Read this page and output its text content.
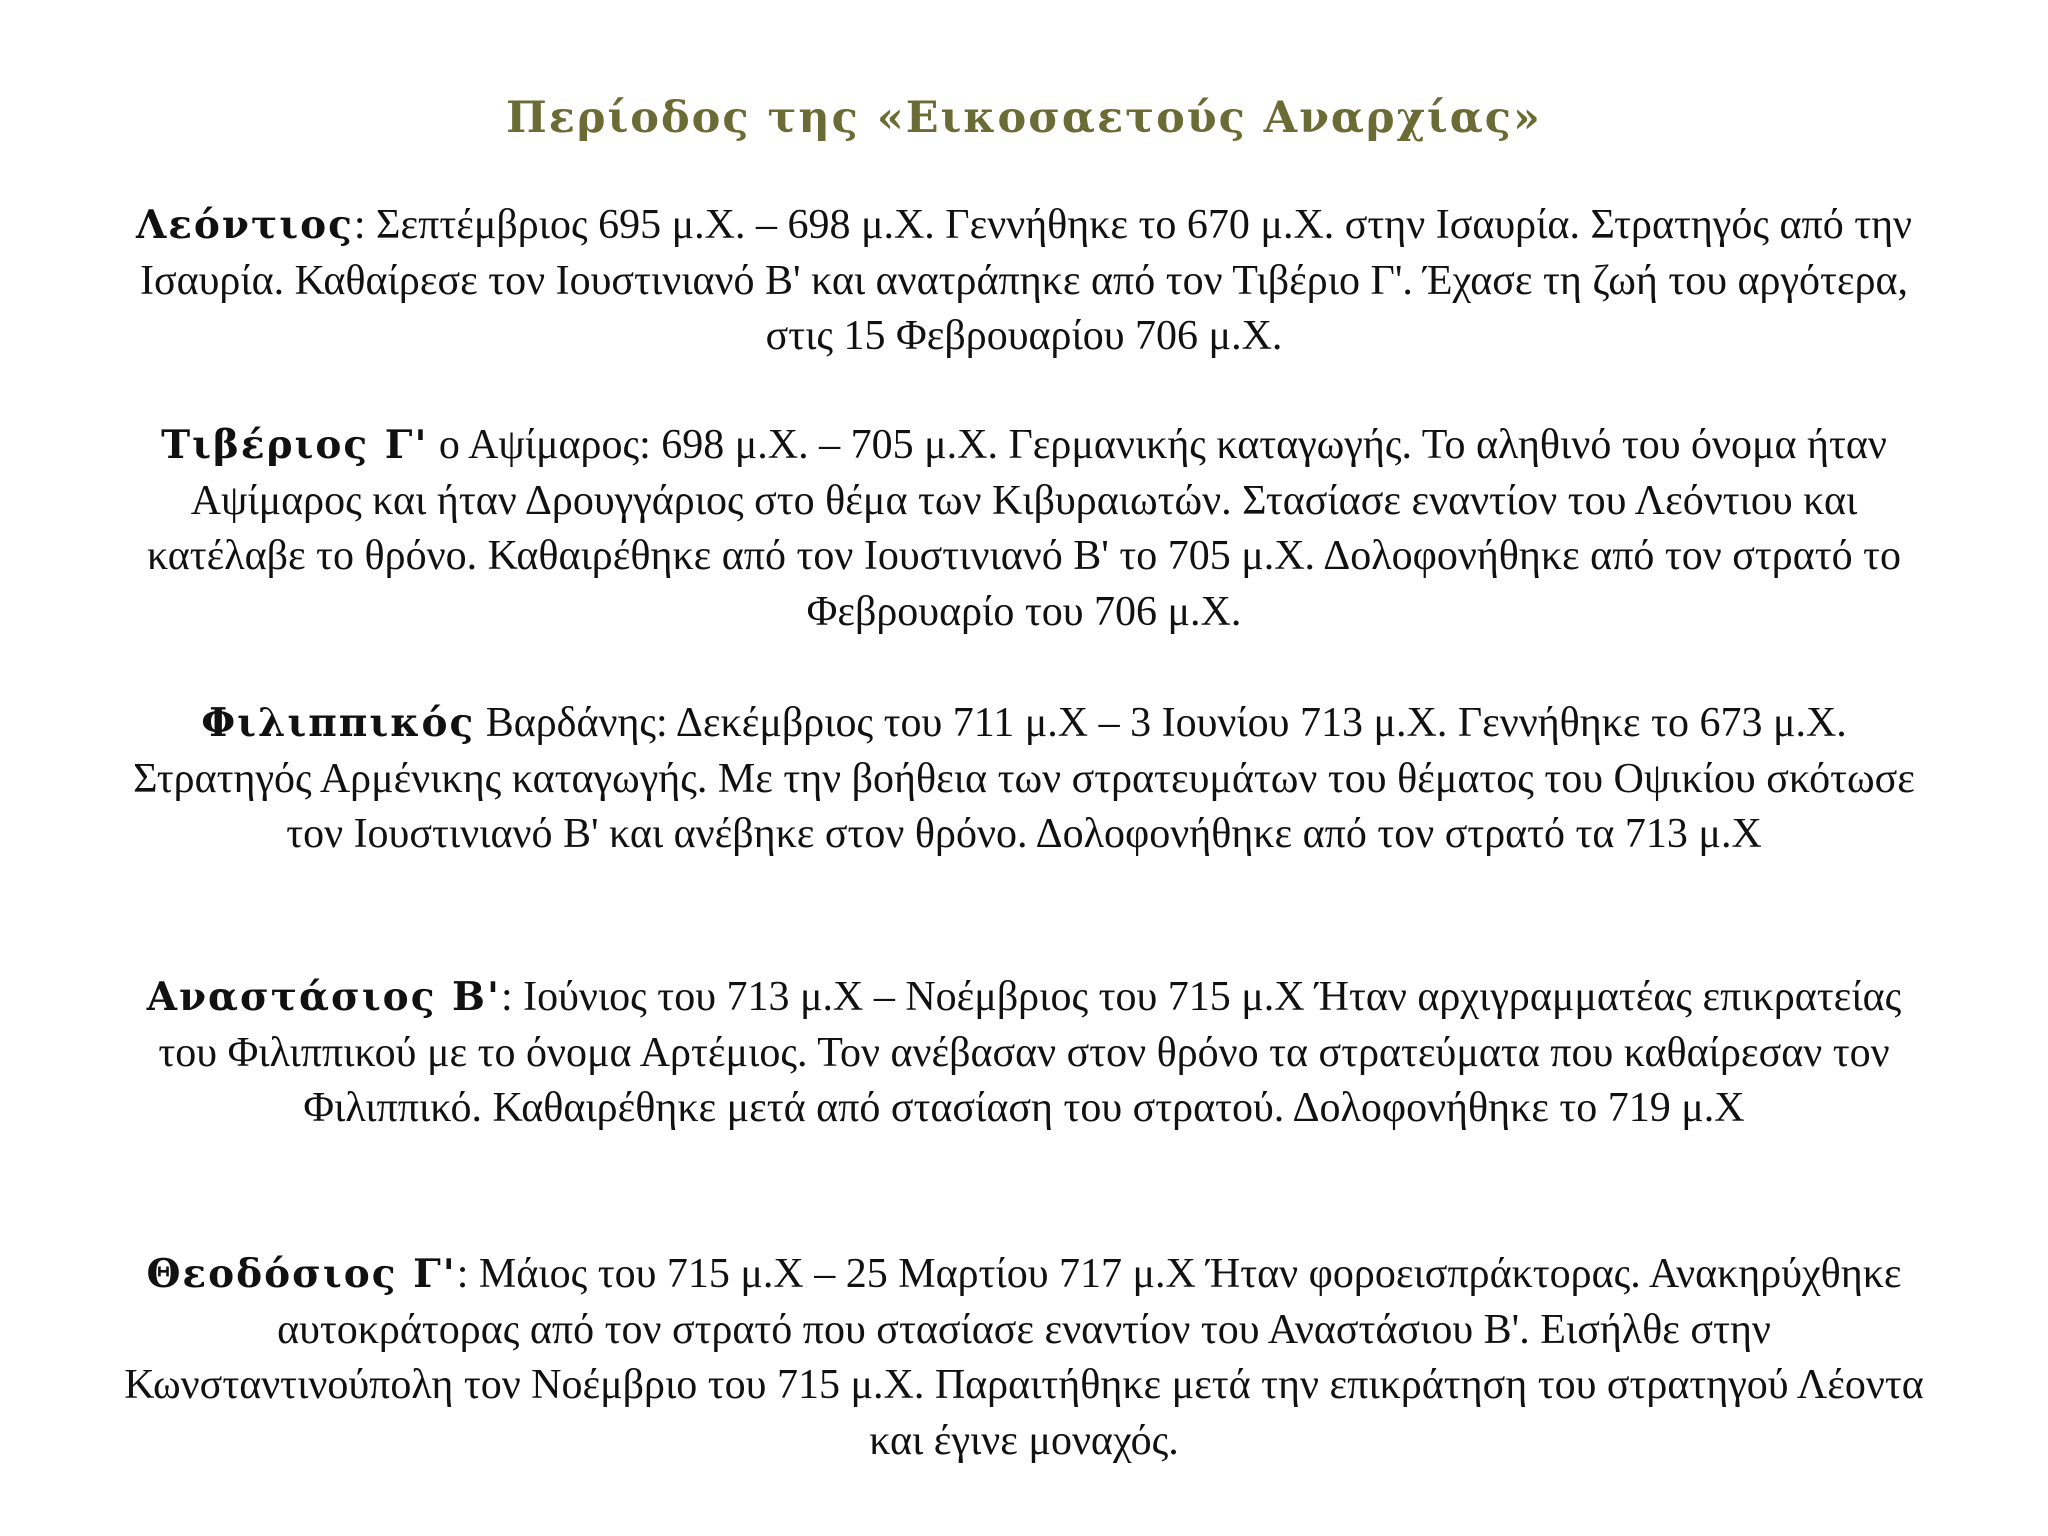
Περίοδος της «Εικοσαετούς Αναρχίας»

Λεόντιος: Σεπτέμβριος 695 μ.Χ. – 698 μ.Χ. Γεννήθηκε το 670 μ.Χ. στην Ισαυρία. Στρατηγός από την Ισαυρία. Καθαίρεσε τον Ιουστινιανό Β' και ανατράπηκε από τον Τιβέριο Γ'. Έχασε τη ζωή του αργότερα, στις 15 Φεβρουαρίου 706 μ.Χ.

Τιβέριος Γ' ο Αψίμαρος: 698 μ.Χ. – 705 μ.Χ. Γερμανικής καταγωγής. Το αληθινό του όνομα ήταν Αψίμαρος και ήταν Δρουγγάριος στο θέμα των Κιβυραιωτών. Στασίασε εναντίον του Λεόντιου και κατέλαβε το θρόνο. Καθαιρέθηκε από τον Ιουστινιανό Β' το 705 μ.Χ. Δολοφονήθηκε από τον στρατό το Φεβρουαρίο του 706 μ.Χ.

Φιλιππικός Βαρδάνης: Δεκέμβριος του 711 μ.Χ – 3 Ιουνίου 713 μ.Χ. Γεννήθηκε το 673 μ.Χ. Στρατηγός Αρμένικης καταγωγής. Με την βοήθεια των στρατευμάτων του θέματος του Οψικίου σκότωσε τον Ιουστινιανό Β' και ανέβηκε στον θρόνο. Δολοφονήθηκε από τον στρατό τα 713 μ.Χ

Αναστάσιος Β': Ιούνιος του 713 μ.Χ – Νοέμβριος του 715 μ.Χ Ήταν αρχιγραμματέας επικρατείας του Φιλιππικού με το όνομα Αρτέμιος. Τον ανέβασαν στον θρόνο τα στρατεύματα που καθαίρεσαν τον Φιλιππικό. Καθαιρέθηκε μετά από στασίαση του στρατού. Δολοφονήθηκε το 719 μ.Χ

Θεοδόσιος Γ': Μάιος του 715 μ.Χ – 25 Μαρτίου 717 μ.Χ Ήταν φοροεισπράκτορας. Ανακηρύχθηκε αυτοκράτορας από τον στρατό που στασίασε εναντίον του Αναστάσιου Β'. Εισήλθε στην Κωνσταντινούπολη τον Νοέμβριο του 715 μ.Χ. Παραιτήθηκε μετά την επικράτηση του στρατηγού Λέοντα και έγινε μοναχός.
